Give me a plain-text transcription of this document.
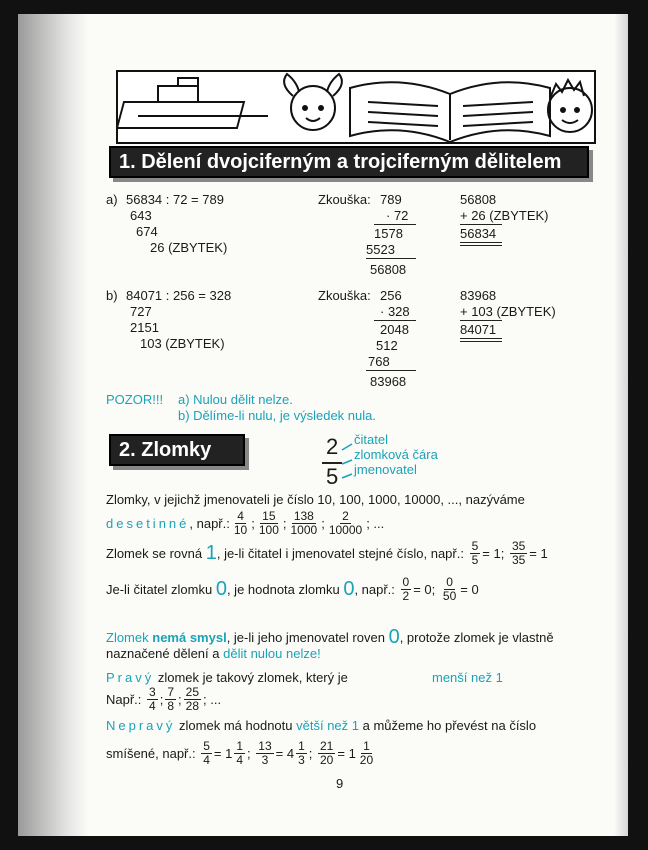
1. Dělení dvojciferným a trojciferným dělitelem
a) 56834 : 72 = 789
643
674
26 (ZBYTEK)
Zkouška: 789
· 72
1578
5523
56808
56808
+ 26 (ZBYTEK)
56834
b) 84071 : 256 = 328
727
2151
103 (ZBYTEK)
Zkouška: 256
· 328
2048
512
768
83968
83968
+ 103 (ZBYTEK)
84071
POZOR!!! a) Nulou dělit nelze.
b) Dělíme-li nulu, je výsledek nula.
2. Zlomky	2
5
čitatel
zlomková čára
jmenovatel
Zlomky, v jejichž jmenovateli je číslo 10, 100, 1000, 10000, ..., nazýváme
desetinné , např.: $\frac{4}{10}$ ; $\frac{15}{100}$ ; $\frac{138}{1000}$ ; $\frac{2}{10000}$ ; ...
Zlomek se rovná
1 , je-li čitatel i jmenovatel stejné číslo, např.:
$\frac{5}{5} = 1$;
$\frac{35}{35} = 1$
Je-li čitatel zlomku
0 , je hodnota zlomku
0 , např.:
$\frac{0}{2} = 0$;
$\frac{0}{50} = 0$
Zlomek
nemá smysl , je-li jeho jmenovatel roven
0 , protože zlomek je vlastně
naznačené dělení a dělit nulou nelze!
Pravý zlomek je takový zlomek, který je	menší než 1
Např.:
$\frac{3}{4}$ ; $\frac{7}{8}$ ; $\frac{25}{28}$ ; ...
Nepravý zlomek má hodnotu větší než 1 a můžeme ho převést na číslo
smíšené, např.:
$\frac{5}{4} = 1 \frac{1}{4}$ ; $\frac{13}{3} = 4 \frac{1}{3}$ ; $\frac{21}{20} = 1 \frac{1}{20}$
9
